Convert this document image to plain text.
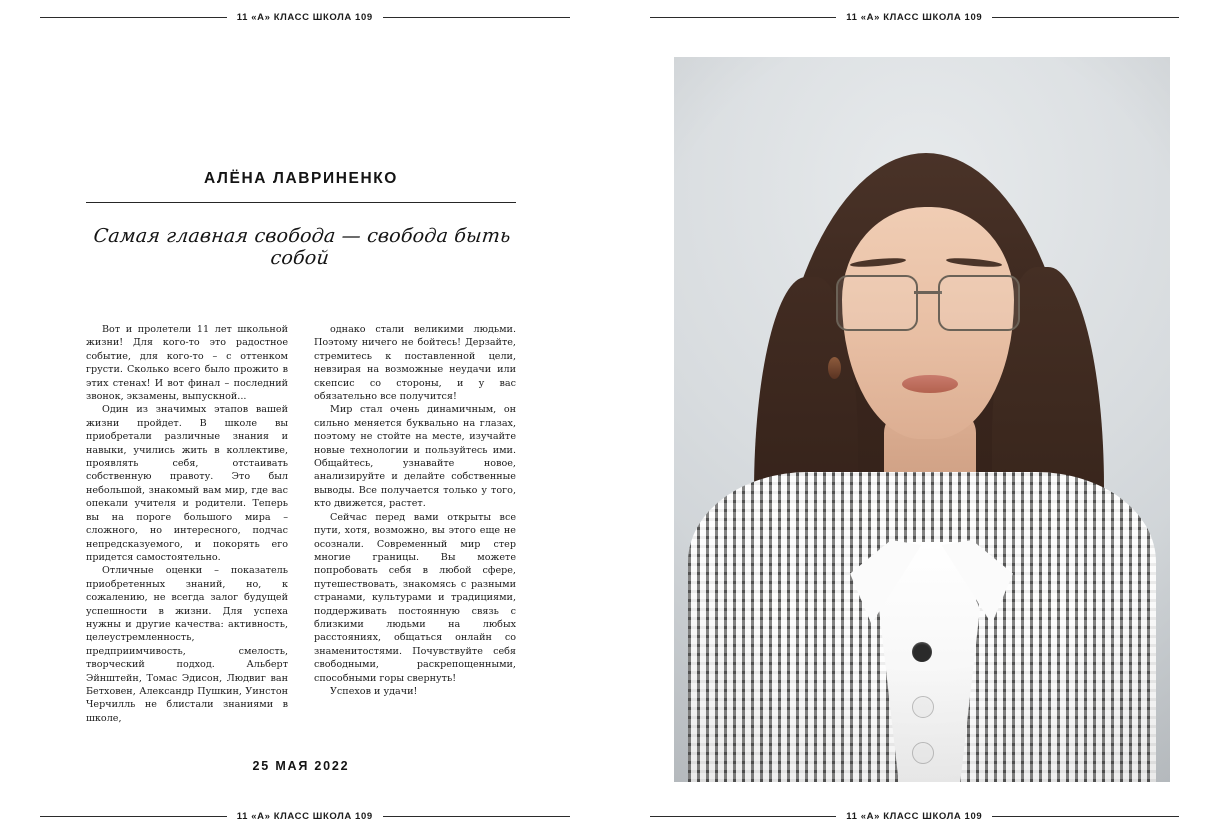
11 «А» КЛАСС ШКОЛА 109
АЛЁНА ЛАВРИНЕНКО
Самая главная свобода — свобода быть собой

Вот и пролетели 11 лет школьной жизни! Для кого-то это радостное событие, для кого-то – с оттенком грусти. Сколько всего было прожито в этих стенах! И вот финал – последний звонок, экзамены, выпускной...

Один из значимых этапов вашей жизни пройдет. В школе вы приобретали различные знания и навыки, учились жить в коллективе, проявлять себя, отстаивать собственную правоту. Это был небольшой, знакомый вам мир, где вас опекали учителя и родители. Теперь вы на пороге большого мира – сложного, но интересного, подчас непредсказуемого, и покорять его придется самостоятельно.

Отличные оценки – показатель приобретенных знаний, но, к сожалению, не всегда залог будущей успешности в жизни. Для успеха нужны и другие качества: активность, целеустремленность, предприимчивость, смелость, творческий подход. Альберт Эйнштейн, Томас Эдисон, Людвиг ван Бетховен, Александр Пушкин, Уинстон Черчилль не блистали знаниями в школе,

однако стали великими людьми. Поэтому ничего не бойтесь! Дерзайте, стремитесь к поставленной цели, невзирая на возможные неудачи или скепсис со стороны, и у вас обязательно все получится!

Мир стал очень динамичным, он сильно меняется буквально на глазах, поэтому не стойте на месте, изучайте новые технологии и пользуйтесь ими. Общайтесь, узнавайте новое, анализируйте и делайте собственные выводы. Все получается только у того, кто движется, растет.

Сейчас перед вами открыты все пути, хотя, возможно, вы этого еще не осознали. Современный мир стер многие границы. Вы можете попробовать себя в любой сфере, путешествовать, знакомясь с разными странами, культурами и традициями, поддерживать постоянную связь с близкими людьми на любых расстояниях, общаться онлайн со знаменитостями. Почувствуйте себя свободными, раскрепощенными, способными горы свернуть!

Успехов и удачи!

25 МАЯ 2022
11 «А» КЛАСС ШКОЛА 109
11 «А» КЛАСС ШКОЛА 109
11 «А» КЛАСС ШКОЛА 109
